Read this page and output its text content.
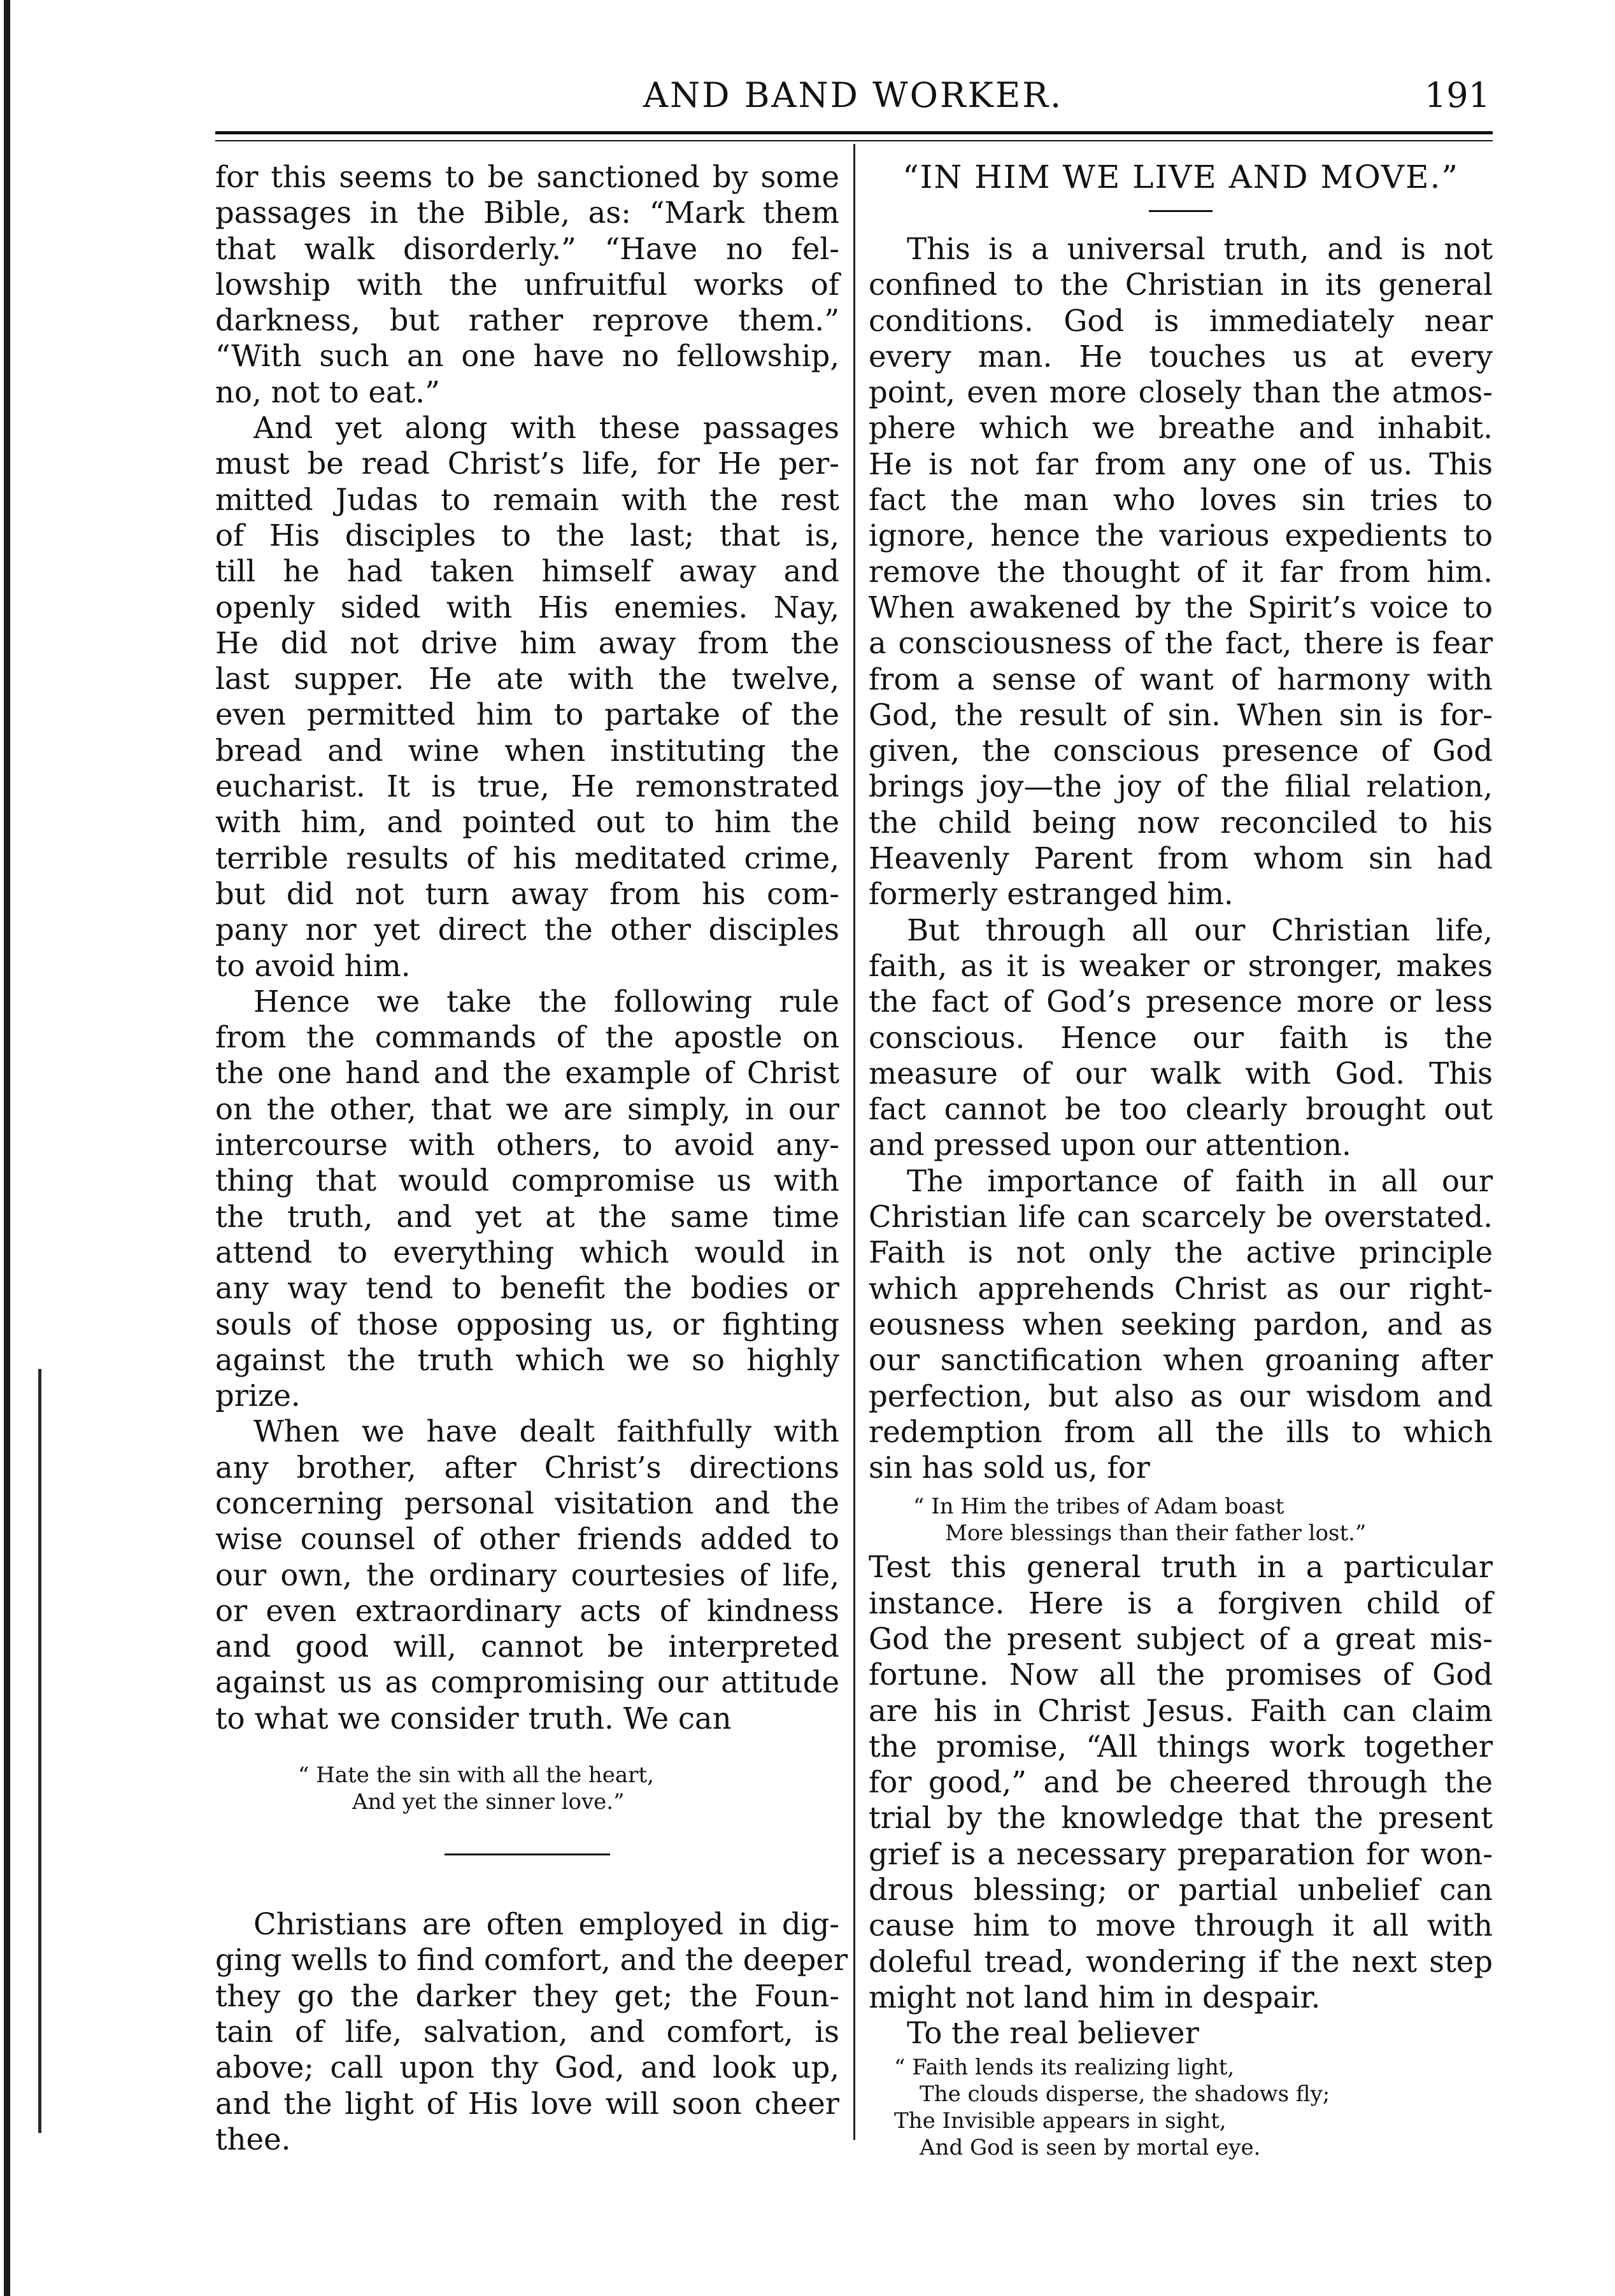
AND BAND WORKER.	191
for this seems to be sanctioned by some
passages in the Bible, as: “Mark them
that walk disorderly.” “Have no fel-
lowship with the unfruitful works of
darkness, but rather reprove them.”
“With such an one have no fellowship,
no, not to eat.”
And yet along with these passages
must be read Christ’s life, for He per-
mitted Judas to remain with the rest
of His disciples to the last; that is,
till he had taken himself away and
openly sided with His enemies. Nay,
He did not drive him away from the
last supper. He ate with the twelve,
even permitted him to partake of the
bread and wine when instituting the
eucharist. It is true, He remonstrated
with him, and pointed out to him the
terrible results of his meditated crime,
but did not turn away from his com-
pany nor yet direct the other disciples
to avoid him.
Hence we take the following rule
from the commands of the apostle on
the one hand and the example of Christ
on the other, that we are simply, in our
intercourse with others, to avoid any-
thing that would compromise us with
the truth, and yet at the same time
attend to everything which would in
any way tend to benefit the bodies or
souls of those opposing us, or fighting
against the truth which we so highly
prize.
When we have dealt faithfully with
any brother, after Christ’s directions
concerning personal visitation and the
wise counsel of other friends added to
our own, the ordinary courtesies of life,
or even extraordinary acts of kindness
and good will, cannot be interpreted
against us as compromising our attitude
to what we consider truth. We can
“ Hate the sin with all the heart,
And yet the sinner love.”
Christians are often employed in dig-
ging wells to find comfort, and the deeper
they go the darker they get; the Foun-
tain of life, salvation, and comfort, is
above; call upon thy God, and look up,
and the light of His love will soon cheer
thee.
“IN HIM WE LIVE AND MOVE.”
This is a universal truth, and is not
confined to the Christian in its general
conditions. God is immediately near
every man. He touches us at every
point, even more closely than the atmos-
phere which we breathe and inhabit.
He is not far from any one of us. This
fact the man who loves sin tries to
ignore, hence the various expedients to
remove the thought of it far from him.
When awakened by the Spirit’s voice to
a consciousness of the fact, there is fear
from a sense of want of harmony with
God, the result of sin. When sin is for-
given, the conscious presence of God
brings joy—the joy of the filial relation,
the child being now reconciled to his
Heavenly Parent from whom sin had
formerly estranged him.
But through all our Christian life,
faith, as it is weaker or stronger, makes
the fact of God’s presence more or less
conscious. Hence our faith is the
measure of our walk with God. This
fact cannot be too clearly brought out
and pressed upon our attention.
The importance of faith in all our
Christian life can scarcely be overstated.
Faith is not only the active principle
which apprehends Christ as our right-
eousness when seeking pardon, and as
our sanctification when groaning after
perfection, but also as our wisdom and
redemption from all the ills to which
sin has sold us, for
“ In Him the tribes of Adam boast
More blessings than their father lost.”
Test this general truth in a particular
instance. Here is a forgiven child of
God the present subject of a great mis-
fortune. Now all the promises of God
are his in Christ Jesus. Faith can claim
the promise, “All things work together
for good,” and be cheered through the
trial by the knowledge that the present
grief is a necessary preparation for won-
drous blessing; or partial unbelief can
cause him to move through it all with
doleful tread, wondering if the next step
might not land him in despair.
To the real believer
“ Faith lends its realizing light,
The clouds disperse, the shadows fly;
The Invisible appears in sight,
And God is seen by mortal eye.
